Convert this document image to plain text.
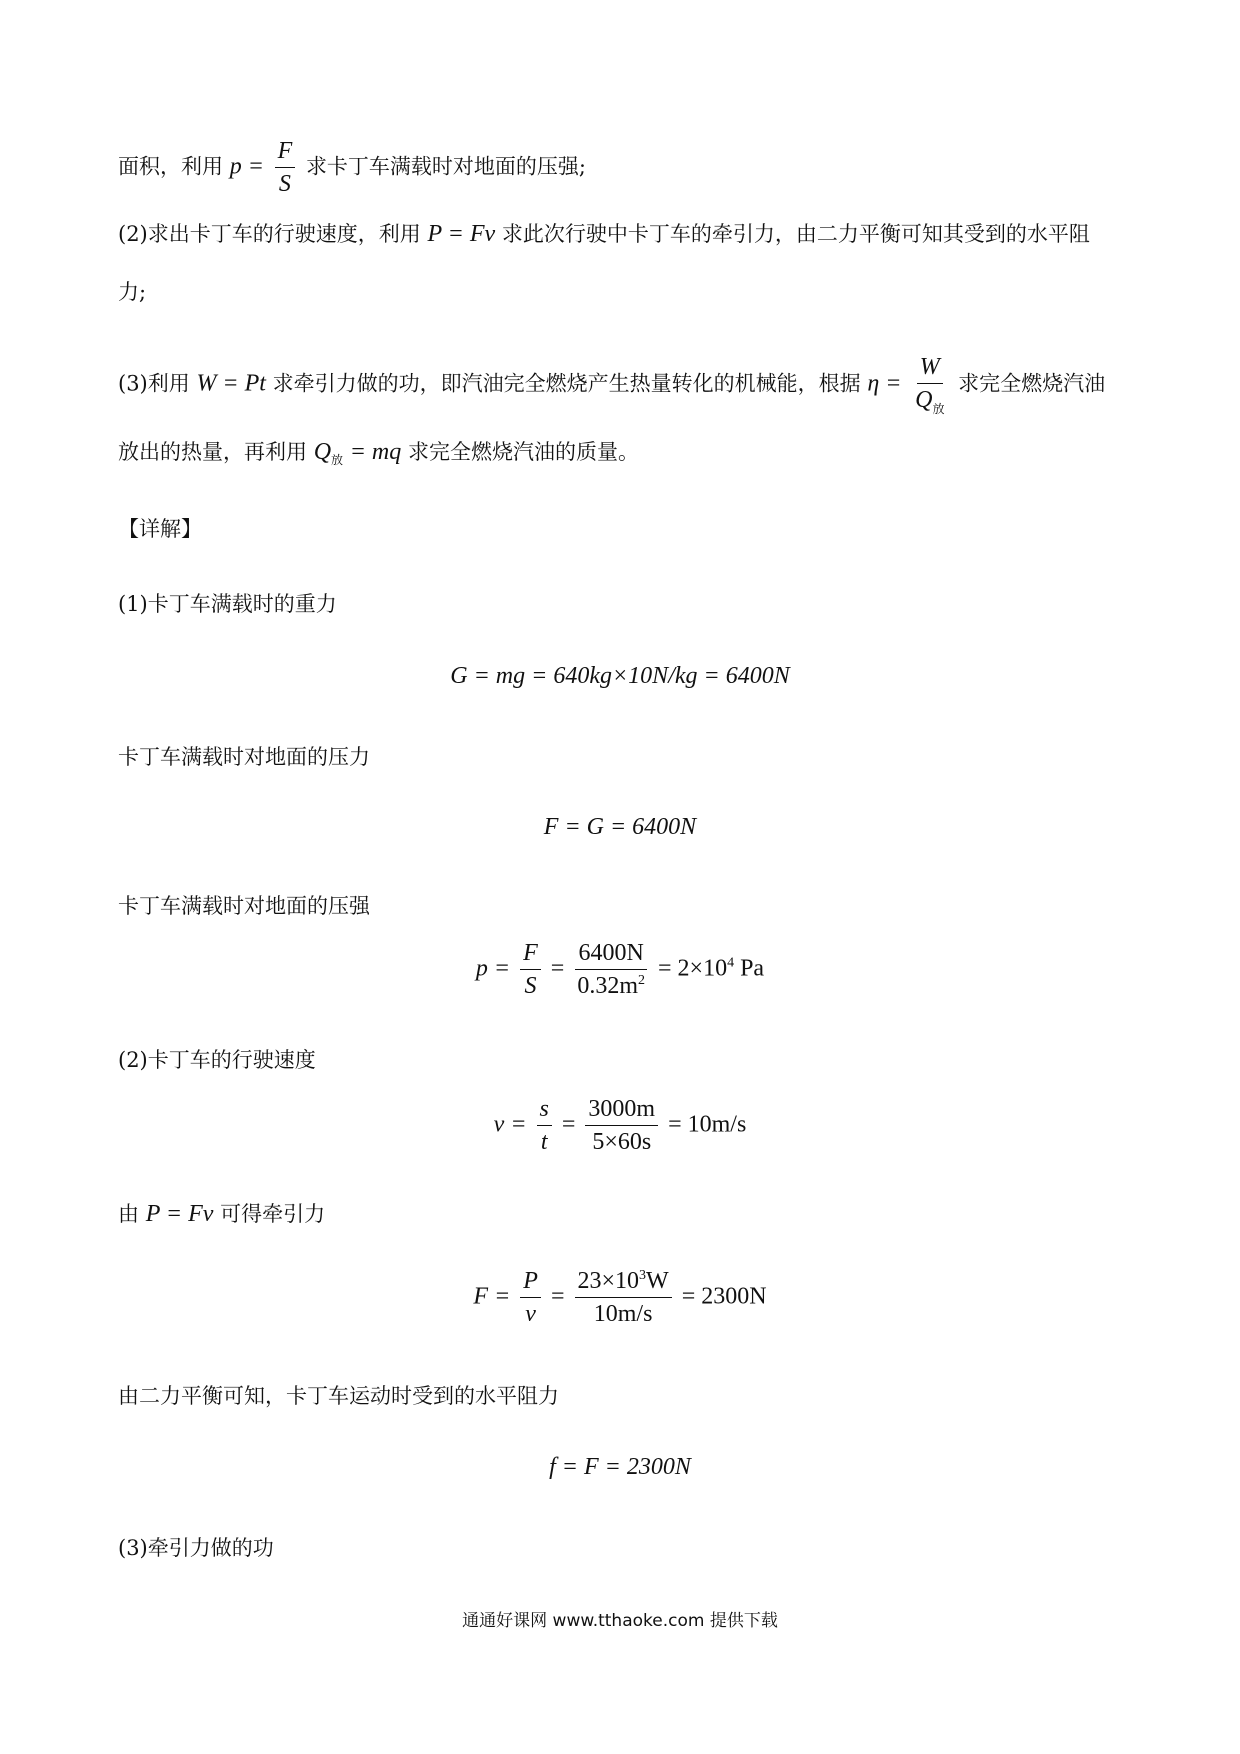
面积，利用 $p = \frac{F}{S}$ 求卡丁车满载时对地面的压强;
(2)求出卡丁车的行驶速度，利用 P = Fv 求此次行驶中卡丁车的牵引力，由二力平衡可知其受到的水平阻
力;
(3)利用 W = Pt 求牵引力做的功，即汽油完全燃烧产生热量转化的机械能，根据 $\eta = \frac{W}{Q_放}$ 求完全燃烧汽油
放出的热量，再利用 $Q_放$ = mq 求完全燃烧汽油的质量。
【详解】
(1)卡丁车满载时的重力
G = mg = 640kg×10N/kg = 6400N
卡丁车满载时对地面的压力
F = G = 6400N
卡丁车满载时对地面的压强
$p = \frac{F}{S} = \frac{6400N}{0.32m^2} = 2\times 10^4$ Pa
(2)卡丁车的行驶速度
$v = \frac{s}{t} = \frac{3000m}{5\times 60s} = 10m/s$
由 P = Fv 可得牵引力
$F = \frac{P}{v} = \frac{23\times 10^3W}{10m/s} = 2300N$
由二力平衡可知，卡丁车运动时受到的水平阻力
f = F = 2300N
(3)牵引力做的功
通通好课网 www.tthaoke.com 提供下载
